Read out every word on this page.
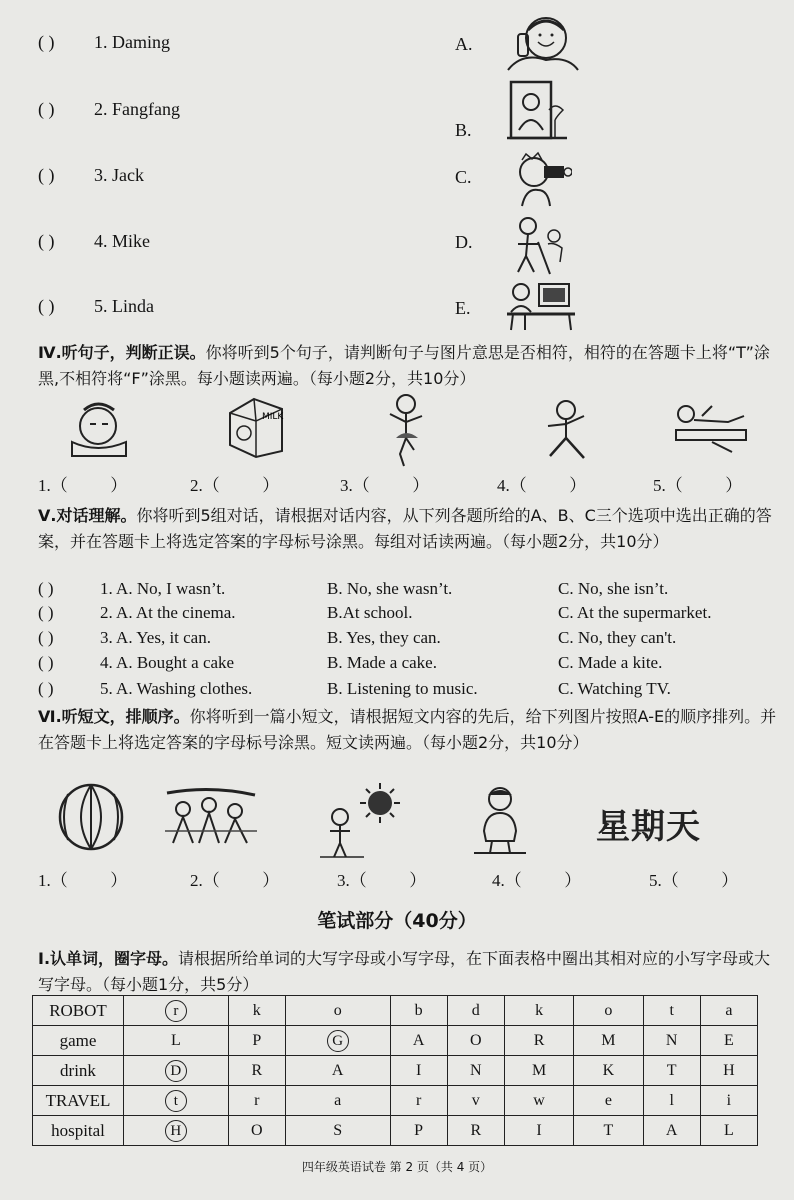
( ) 1. Daming
( ) 2. Fangfang
( ) 3. Jack
( ) 4. Mike
( ) 5. Linda
A.
B.
C.
D.
E.
Ⅳ.听句子，判断正误。你将听到5个句子，请判断句子与图片意思是否相符，相符的在答题卡上将“T”涂黑,不相符将“F”涂黑。每小题读两遍。（每小题2分，共10分）
MILK
1.（          ）	2.（          ）	3.（          ）	4.（          ）	5.（          ）
Ⅴ.对话理解。你将听到5组对话，请根据对话内容，从下列各题所给的A、B、C三个选项中选出正确的答案，并在答题卡上将选定答案的字母标号涂黑。每组对话读两遍。（每小题2分，共10分）
( )	1. A. No, I wasn’t.	B. No, she wasn’t.	C. No, she isn’t.
( )	2. A. At the cinema.	B.At school.	C. At the supermarket.
( )	3. A. Yes, it can.	B. Yes, they can.	C. No, they can't.
( )	4. A. Bought a cake	B. Made a cake.	C. Made a kite.
( )	5. A. Washing clothes.	B. Listening to music.	C. Watching TV.
Ⅵ.听短文，排顺序。你将听到一篇小短文，请根据短文内容的先后，给下列图片按照A-E的顺序排列。并在答题卡上将选定答案的字母标号涂黑。短文读两遍。（每小题2分，共10分）
星期天
1.（          ）	2.（          ）	3.（          ）	4.（          ）	5.（          ）
笔试部分（40分）
Ⅰ.认单词，圈字母。请根据所给单词的大写字母或小写字母，在下面表格中圈出其相对应的小写字母或大写字母。（每小题1分，共5分）
ROBOT	r	k	o	b	d	k	o	t	a
game	L	P	G	A	O	R	M	N	E
drink	D	R	A	I	N	M	K	T	H
TRAVEL	t	r	a	r	v	w	e	l	i
hospital	H	O	S	P	R	I	T	A	L
四年级英语试卷 第 2 页（共 4 页）
